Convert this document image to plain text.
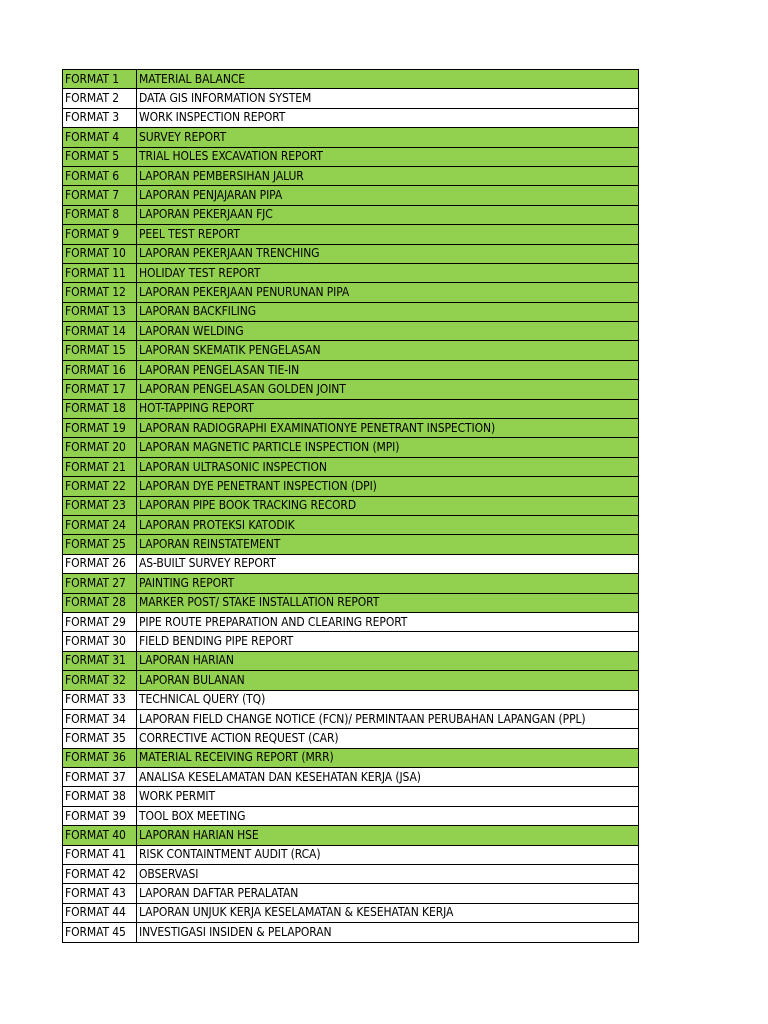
FORMAT 1	MATERIAL BALANCE
FORMAT 2	DATA GIS INFORMATION SYSTEM
FORMAT 3	WORK INSPECTION REPORT
FORMAT 4	SURVEY REPORT
FORMAT 5	TRIAL HOLES EXCAVATION REPORT
FORMAT 6	LAPORAN PEMBERSIHAN JALUR
FORMAT 7	LAPORAN PENJAJARAN PIPA
FORMAT 8	LAPORAN PEKERJAAN FJC
FORMAT 9	PEEL TEST REPORT
FORMAT 10	LAPORAN PEKERJAAN TRENCHING
FORMAT 11	HOLIDAY TEST REPORT
FORMAT 12	LAPORAN PEKERJAAN PENURUNAN PIPA
FORMAT 13	LAPORAN BACKFILING
FORMAT 14	LAPORAN WELDING
FORMAT 15	LAPORAN SKEMATIK PENGELASAN
FORMAT 16	LAPORAN PENGELASAN TIE-IN
FORMAT 17	LAPORAN PENGELASAN GOLDEN JOINT
FORMAT 18	HOT-TAPPING REPORT
FORMAT 19	LAPORAN RADIOGRAPHI EXAMINATIONYE PENETRANT INSPECTION)
FORMAT 20	LAPORAN MAGNETIC PARTICLE INSPECTION (MPI)
FORMAT 21	LAPORAN ULTRASONIC INSPECTION
FORMAT 22	LAPORAN DYE PENETRANT INSPECTION (DPI)
FORMAT 23	LAPORAN PIPE BOOK TRACKING RECORD
FORMAT 24	LAPORAN PROTEKSI KATODIK
FORMAT 25	LAPORAN REINSTATEMENT
FORMAT 26	AS-BUILT SURVEY REPORT
FORMAT 27	PAINTING REPORT
FORMAT 28	MARKER POST/ STAKE INSTALLATION REPORT
FORMAT 29	PIPE ROUTE PREPARATION AND CLEARING REPORT
FORMAT 30	FIELD BENDING PIPE REPORT
FORMAT 31	LAPORAN HARIAN
FORMAT 32	LAPORAN BULANAN
FORMAT 33	TECHNICAL QUERY (TQ)
FORMAT 34	LAPORAN FIELD CHANGE NOTICE (FCN)/ PERMINTAAN PERUBAHAN LAPANGAN (PPL)
FORMAT 35	CORRECTIVE ACTION REQUEST (CAR)
FORMAT 36	MATERIAL RECEIVING REPORT (MRR)
FORMAT 37	ANALISA KESELAMATAN DAN KESEHATAN KERJA (JSA)
FORMAT 38	WORK PERMIT
FORMAT 39	TOOL BOX MEETING
FORMAT 40	LAPORAN HARIAN HSE
FORMAT 41	RISK CONTAINTMENT AUDIT (RCA)
FORMAT 42	OBSERVASI
FORMAT 43	LAPORAN DAFTAR PERALATAN
FORMAT 44	LAPORAN UNJUK KERJA KESELAMATAN & KESEHATAN KERJA
FORMAT 45	INVESTIGASI INSIDEN & PELAPORAN
